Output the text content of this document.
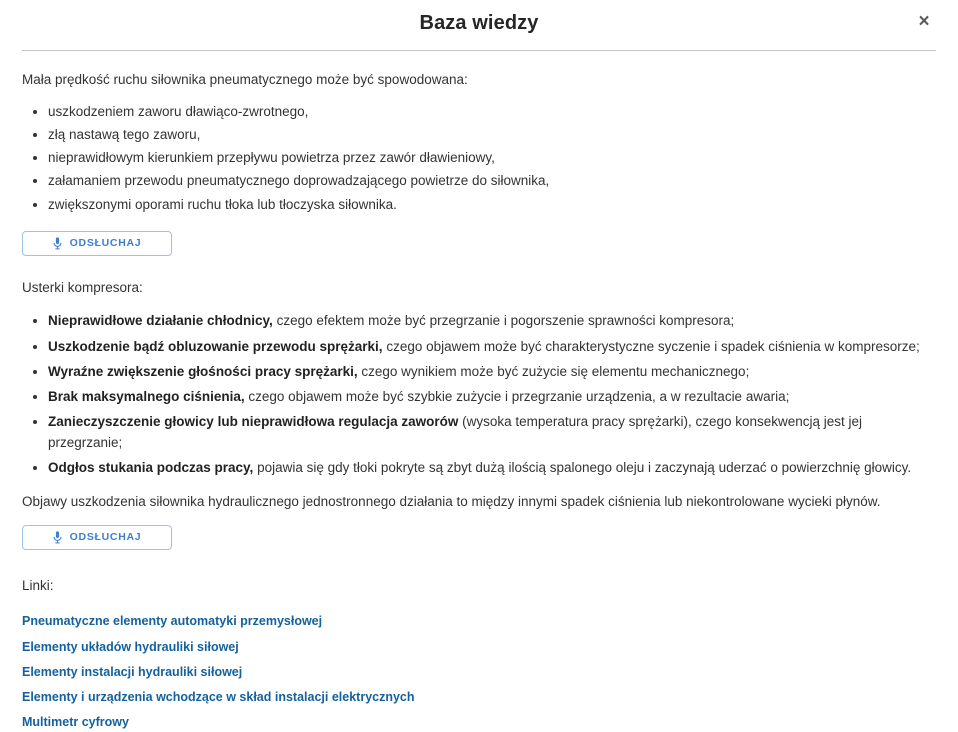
Baza wiedzy	×

Mała prędkość ruchu siłownika pneumatycznego może być spowodowana:

• uszkodzeniem zaworu dławiąco-zwrotnego,
• złą nastawą tego zaworu,
• nieprawidłowym kierunkiem przepływu powietrza przez zawór dławieniowy,
• załamaniem przewodu pneumatycznego doprowadzającego powietrze do siłownika,
• zwiększonymi oporami ruchu tłoka lub tłoczyska siłownika.
ODSŁUCHAJ

Usterki kompresora:

• Nieprawidłowe działanie chłodnicy, czego efektem może być przegrzanie i pogorszenie sprawności kompresora;
• Uszkodzenie bądź obluzowanie przewodu sprężarki, czego objawem może być charakterystyczne syczenie i spadek ciśnienia w kompresorze;
• Wyraźne zwiększenie głośności pracy sprężarki, czego wynikiem może być zużycie się elementu mechanicznego;
• Brak maksymalnego ciśnienia, czego objawem może być szybkie zużycie i przegrzanie urządzenia, a w rezultacie awaria;
• Zanieczyszczenie głowicy lub nieprawidłowa regulacja zaworów (wysoka temperatura pracy sprężarki), czego konsekwencją jest jej przegrzanie;
• Odgłos stukania podczas pracy, pojawia się gdy tłoki pokryte są zbyt dużą ilością spalonego oleju i zaczynają uderzać o powierzchnię głowicy.

Objawy uszkodzenia siłownika hydraulicznego jednostronnego działania to między innymi spadek ciśnienia lub niekontrolowane wycieki płynów.

ODSŁUCHAJ

Linki:

Pneumatyczne elementy automatyki przemysłowej
Elementy układów hydrauliki siłowej
Elementy instalacji hydrauliki siłowej
Elementy i urządzenia wchodzące w skład instalacji elektrycznych
Multimetr cyfrowy
